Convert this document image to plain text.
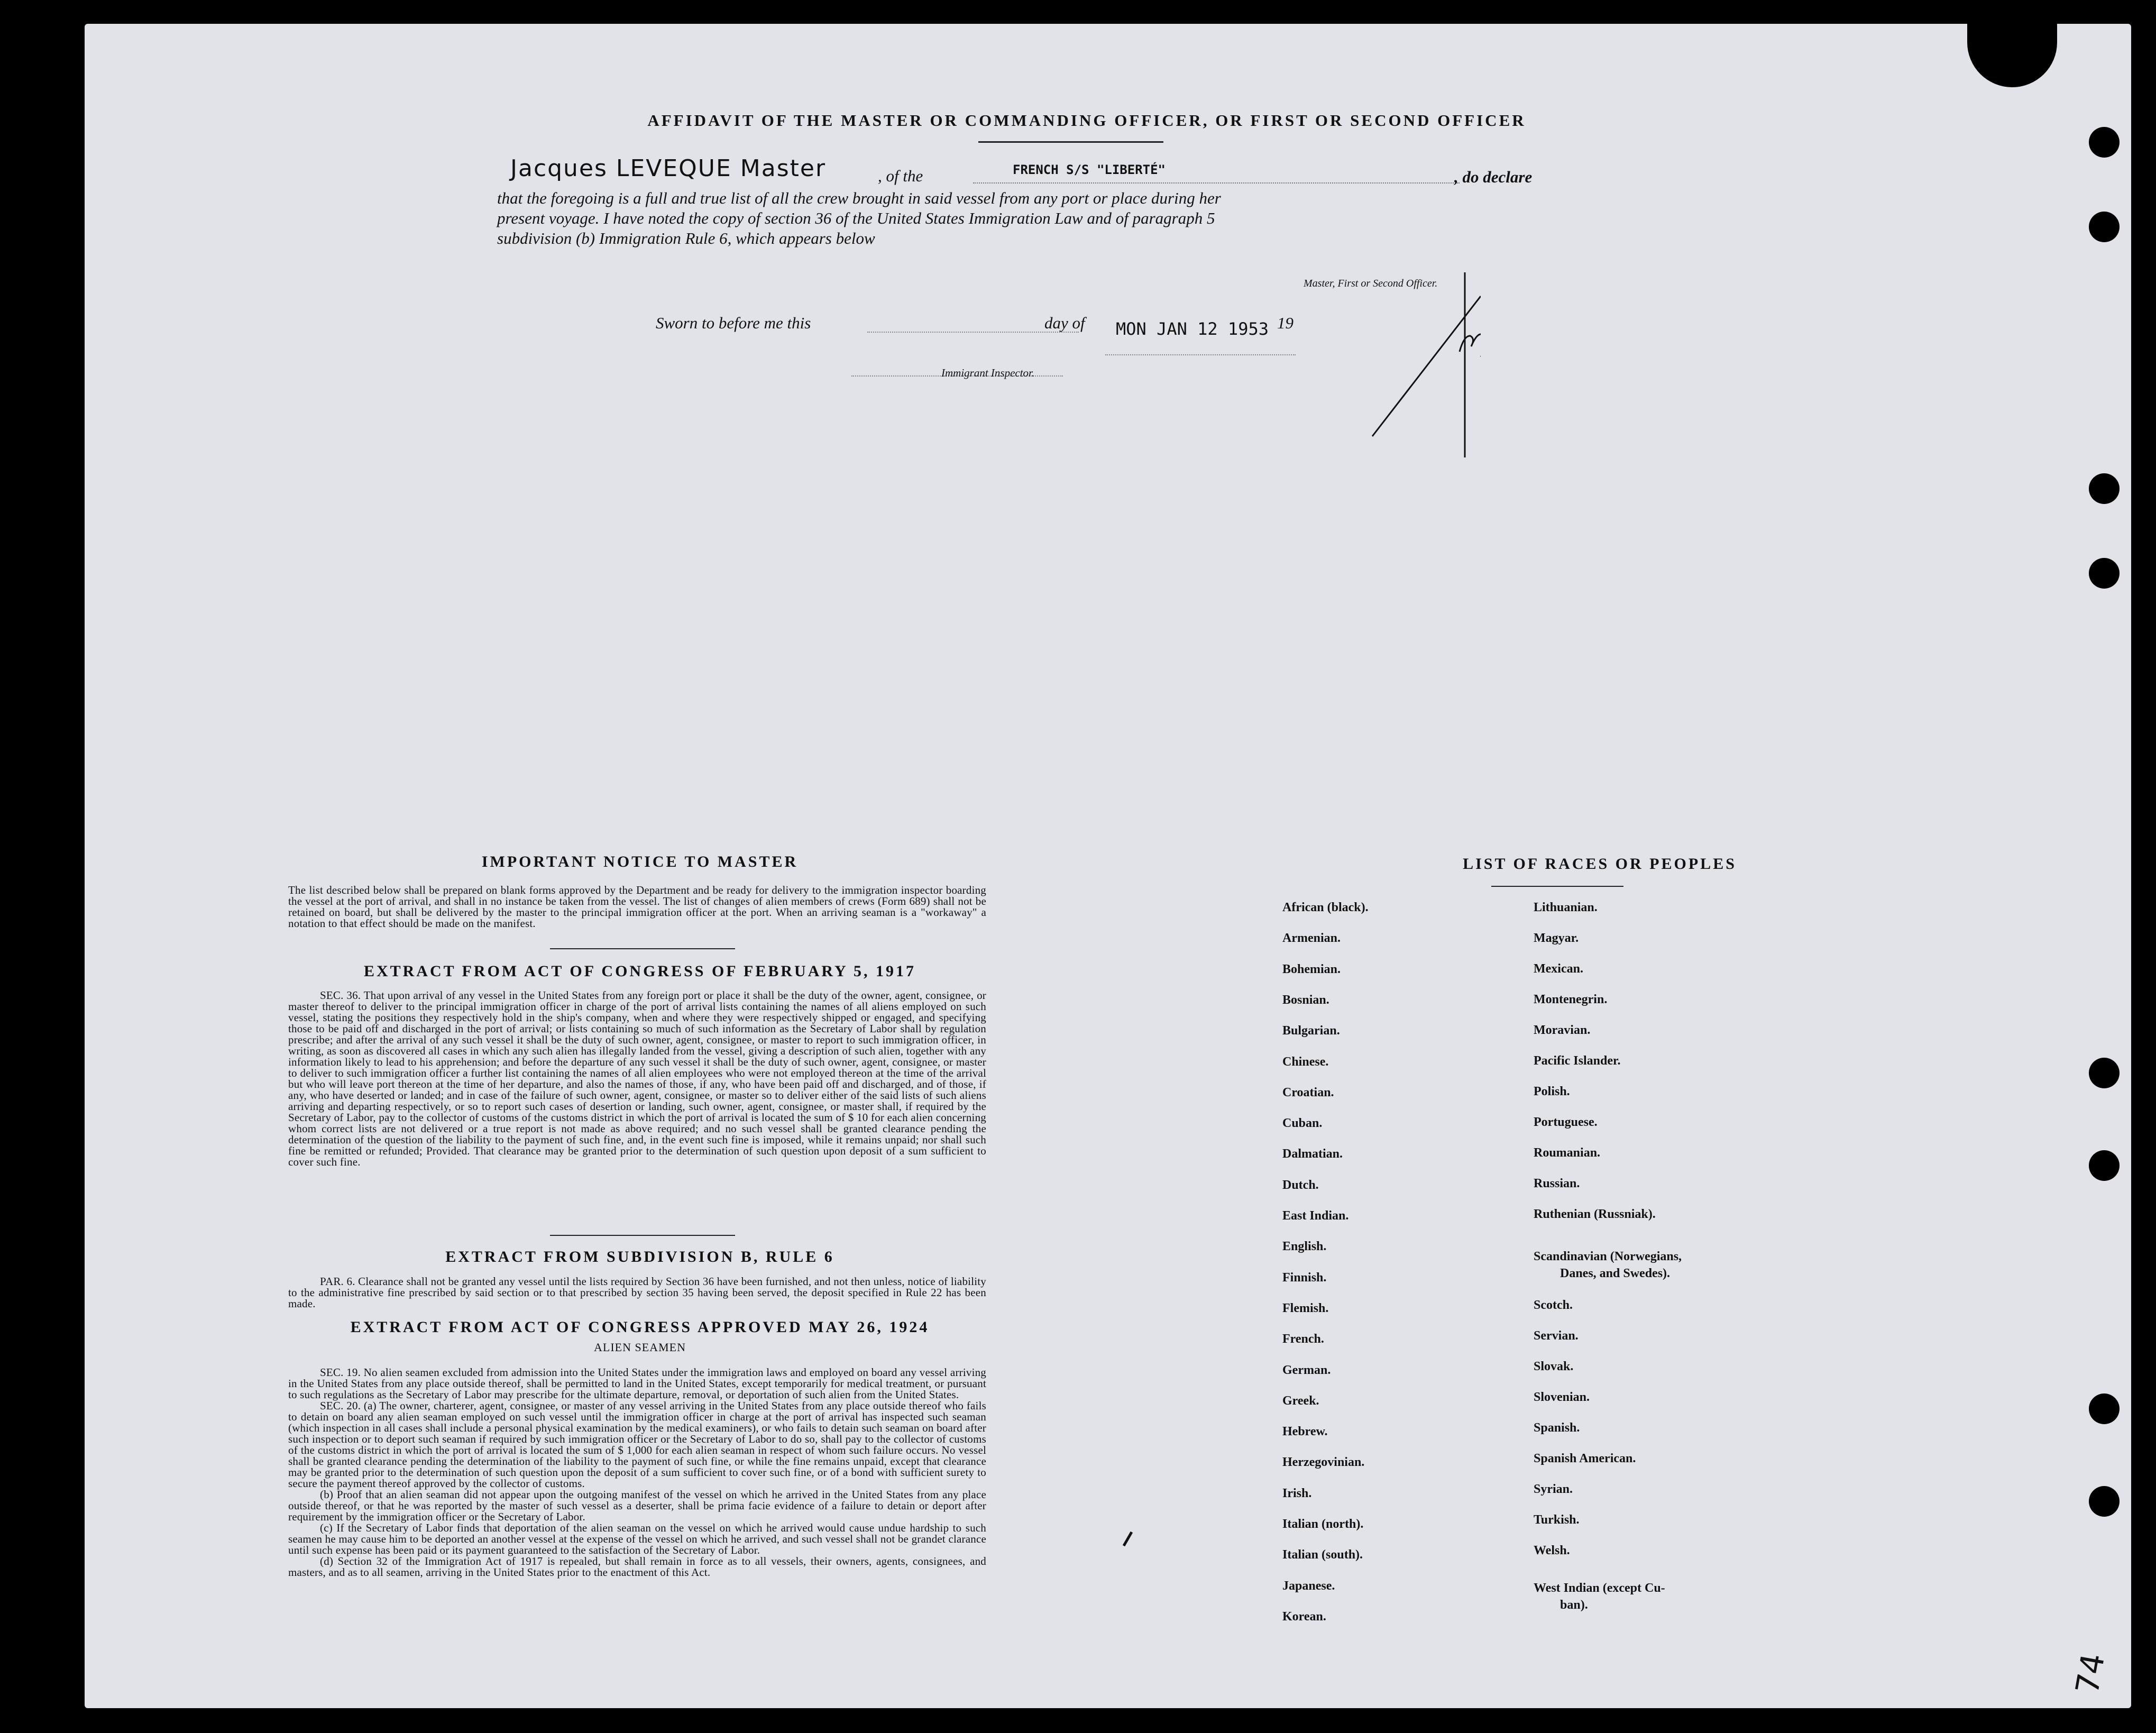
AFFIDAVIT OF THE MASTER OR COMMANDING OFFICER, OR FIRST OR SECOND OFFICER
Jacques LEVEQUE Master	, of the	FRENCH S/S "LIBERTÉ"	, do declare
that the foregoing is a full and true list of all the crew brought in said vessel from any port or place during her
present voyage. I have noted the copy of section 36 of the United States Immigration Law and of paragraph 5
subdivision (b) Immigration Rule 6, which appears below
Master, First or Second Officer.
Sworn to before me this	day of MON JAN 12 1953 19
Immigrant Inspector.
IMPORTANT NOTICE TO MASTER
The list described below shall be prepared on blank forms approved by the Department and be ready for delivery to the immigration inspector boarding the vessel at the port of arrival, and shall in no instance be taken from the vessel. The list of changes of alien members of crews (Form 689) shall not be retained on board, but shall be delivered by the master to the principal immigration officer at the port. When an arriving seaman is a "workaway" a notation to that effect should be made on the manifest.
EXTRACT FROM ACT OF CONGRESS OF FEBRUARY 5, 1917
SEC. 36. That upon arrival of any vessel in the United States from any foreign port or place it shall be the duty of the owner, agent, consignee, or master thereof to deliver to the principal immigration officer in charge of the port of arrival lists containing the names of all aliens employed on such vessel, stating the positions they respectively hold in the ship's company, when and where they were respectively shipped or engaged, and specifying those to be paid off and discharged in the port of arrival; or lists containing so much of such information as the Secretary of Labor shall by regulation prescribe; and after the arrival of any such vessel it shall be the duty of such owner, agent, consignee, or master to report to such immigration officer, in writing, as soon as discovered all cases in which any such alien has illegally landed from the vessel, giving a description of such alien, together with any information likely to lead to his apprehension; and before the departure of any such vessel it shall be the duty of such owner, agent, consignee, or master to deliver to such immigration officer a further list containing the names of all alien employees who were not employed thereon at the time of the arrival but who will leave port thereon at the time of her departure, and also the names of those, if any, who have been paid off and discharged, and of those, if any, who have deserted or landed; and in case of the failure of such owner, agent, consignee, or master so to deliver either of the said lists of such aliens arriving and departing respectively, or so to report such cases of desertion or landing, such owner, agent, consignee, or master shall, if required by the Secretary of Labor, pay to the collector of customs of the customs district in which the port of arrival is located the sum of $ 10 for each alien concerning whom correct lists are not delivered or a true report is not made as above required; and no such vessel shall be granted clearance pending the determination of the question of the liability to the payment of such fine, and, in the event such fine is imposed, while it remains unpaid; nor shall such fine be remitted or refunded; Provided. That clearance may be granted prior to the determination of such question upon deposit of a sum sufficient to cover such fine.
EXTRACT FROM SUBDIVISION B, RULE 6
PAR. 6. Clearance shall not be granted any vessel until the lists required by Section 36 have been furnished, and not then unless, notice of liability to the administrative fine prescribed by said section or to that prescribed by section 35 having been served, the deposit specified in Rule 22 has been made.
EXTRACT FROM ACT OF CONGRESS APPROVED MAY 26, 1924
ALIEN SEAMEN
SEC. 19. No alien seamen excluded from admission into the United States under the immigration laws and employed on board any vessel arriving in the United States from any place outside thereof, shall be permitted to land in the United States, except temporarily for medical treatment, or pursuant to such regulations as the Secretary of Labor may prescribe for the ultimate departure, removal, or deportation of such alien from the United States.
SEC. 20. (a) The owner, charterer, agent, consignee, or master of any vessel arriving in the United States from any place outside thereof who fails to detain on board any alien seaman employed on such vessel until the immigration officer in charge at the port of arrival has inspected such seaman (which inspection in all cases shall include a personal physical examination by the medical examiners), or who fails to detain such seaman on board after such inspection or to deport such seaman if required by such immigration officer or the Secretary of Labor to do so, shall pay to the collector of customs of the customs district in which the port of arrival is located the sum of $ 1,000 for each alien seaman in respect of whom such failure occurs. No vessel shall be granted clearance pending the determination of the liability to the payment of such fine, or while the fine remains unpaid, except that clearance may be granted prior to the determination of such question upon the deposit of a sum sufficient to cover such fine, or of a bond with sufficient surety to secure the payment thereof approved by the collector of customs.
(b) Proof that an alien seaman did not appear upon the outgoing manifest of the vessel on which he arrived in the United States from any place outside thereof, or that he was reported by the master of such vessel as a deserter, shall be prima facie evidence of a failure to detain or deport after requirement by the immigration officer or the Secretary of Labor.
(c) If the Secretary of Labor finds that deportation of the alien seaman on the vessel on which he arrived would cause undue hardship to such seamen he may cause him to be deported an another vessel at the expense of the vessel on which he arrived, and such vessel shall not be grandet clarance until such expense has been paid or its payment guaranteed to the satisfaction of the Secretary of Labor.
(d) Section 32 of the Immigration Act of 1917 is repealed, but shall remain in force as to all vessels, their owners, agents, consignees, and masters, and as to all seamen, arriving in the United States prior to the enactment of this Act.
LIST OF RACES OR PEOPLES
74
African (black).
Armenian.
Bohemian.
Bosnian.
Bulgarian.
Chinese.
Croatian.
Cuban.
Dalmatian.
Dutch.
East Indian.
English.
Finnish.
Flemish.
French.
German.
Greek.
Hebrew.
Herzegovinian.
Irish.
Italian (north).
Italian (south).
Japanese.
Korean.
Lithuanian.
Magyar.
Mexican.
Montenegrin.
Moravian.
Pacific Islander.
Polish.
Portuguese.
Roumanian.
Russian.
Ruthenian (Russniak).
Scandinavian (Norwegians,
Danes, and Swedes).
Scotch.
Servian.
Slovak.
Slovenian.
Spanish.
Spanish American.
Syrian.
Turkish.
Welsh.
West Indian (except Cu-
ban).
